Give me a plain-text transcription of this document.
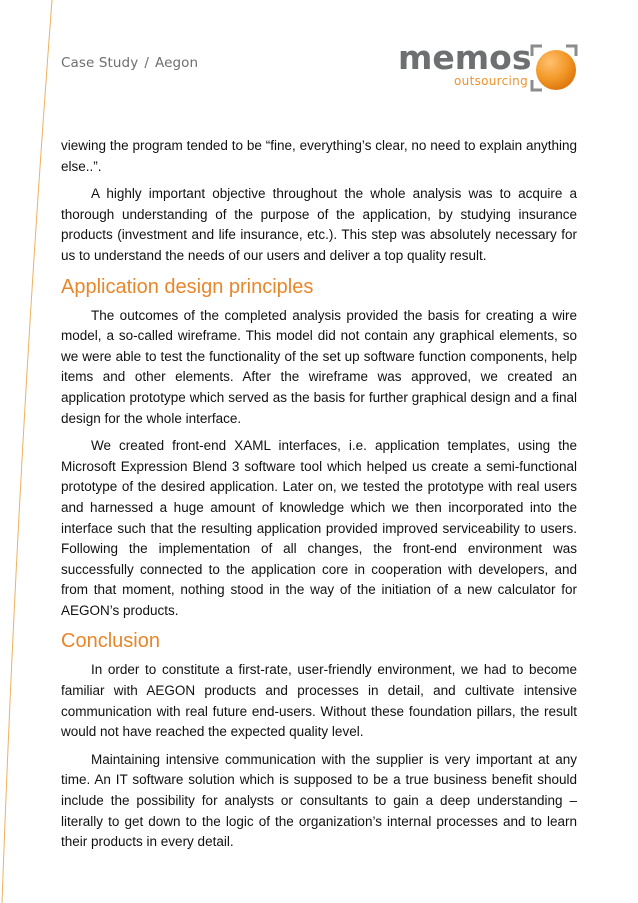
Case Study / Aegon	memos
outsourcing

viewing the program tended to be “fine, everything’s clear, no need to explain anything else..”.

A highly important objective throughout the whole analysis was to acquire a thorough understanding of the purpose of the application, by studying insurance products (investment and life insurance, etc.). This step was absolutely necessary for us to understand the needs of our users and deliver a top quality result.

Application design principles

The outcomes of the completed analysis provided the basis for creating a wire model, a so-called wireframe. This model did not contain any graphical elements, so we were able to test the functionality of the set up software function components, help items and other elements. After the wireframe was approved, we created an application prototype which served as the basis for further graphical design and a final design for the whole interface.

We created front-end XAML interfaces, i.e. application templates, using the Microsoft Expression Blend 3 software tool which helped us create a semi-functional prototype of the desired application. Later on, we tested the prototype with real users and harnessed a huge amount of knowledge which we then incorporated into the interface such that the resulting application provided improved serviceability to users. Following the implementation of all changes, the front-end environment was successfully connected to the application core in cooperation with developers, and from that moment, nothing stood in the way of the initiation of a new calculator for AEGON’s products.

Conclusion

In order to constitute a first-rate, user-friendly environment, we had to become familiar with AEGON products and processes in detail, and cultivate intensive communication with real future end-users. Without these foundation pillars, the result would not have reached the expected quality level.

Maintaining intensive communication with the supplier is very important at any time. An IT software solution which is supposed to be a true business benefit should include the possibility for analysts or consultants to gain a deep understanding – literally to get down to the logic of the organization’s internal processes and to learn their products in every detail.
